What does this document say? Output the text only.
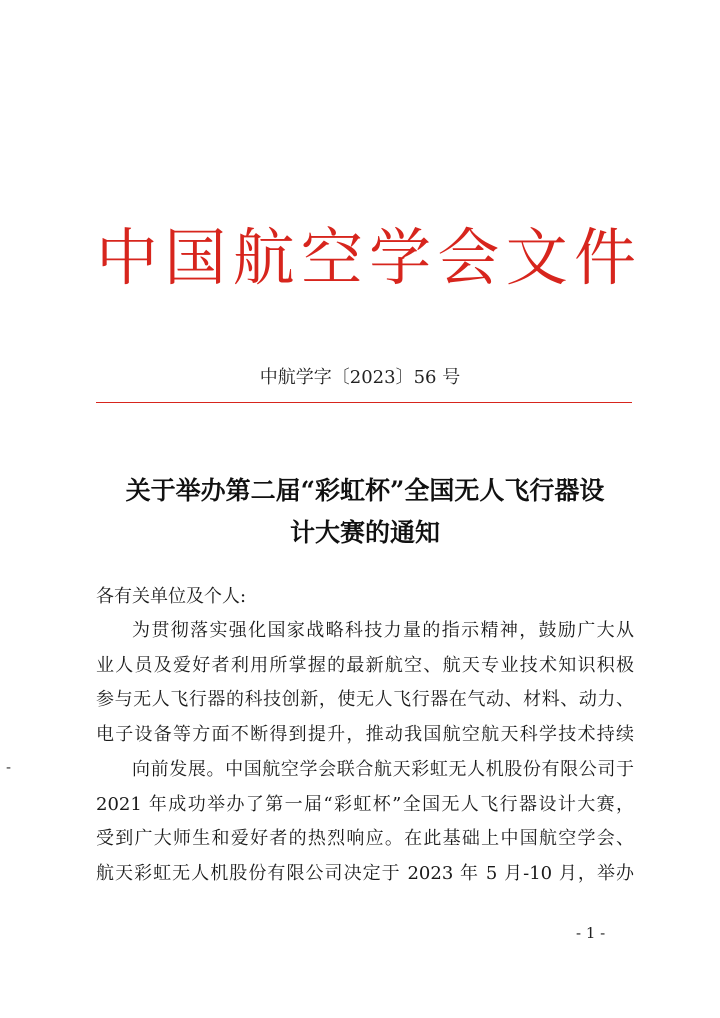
中国航空学会文件
中航学字〔2023〕56 号
关于举办第二届“彩虹杯”全国无人飞行器设
计大赛的通知
各有关单位及个人:
为贯彻落实强化国家战略科技力量的指示精神，鼓励广大从
业人员及爱好者利用所掌握的最新航空、航天专业技术知识积极
参与无人飞行器的科技创新，使无人飞行器在气动、材料、动力、
电子设备等方面不断得到提升，推动我国航空航天科学技术持续
向前发展。中国航空学会联合航天彩虹无人机股份有限公司于
2021 年成功举办了第一届“彩虹杯”全国无人飞行器设计大赛，
受到广大师生和爱好者的热烈响应。在此基础上中国航空学会、
航天彩虹无人机股份有限公司决定于 2023 年 5 月-10 月，举办
-
- 1 -
